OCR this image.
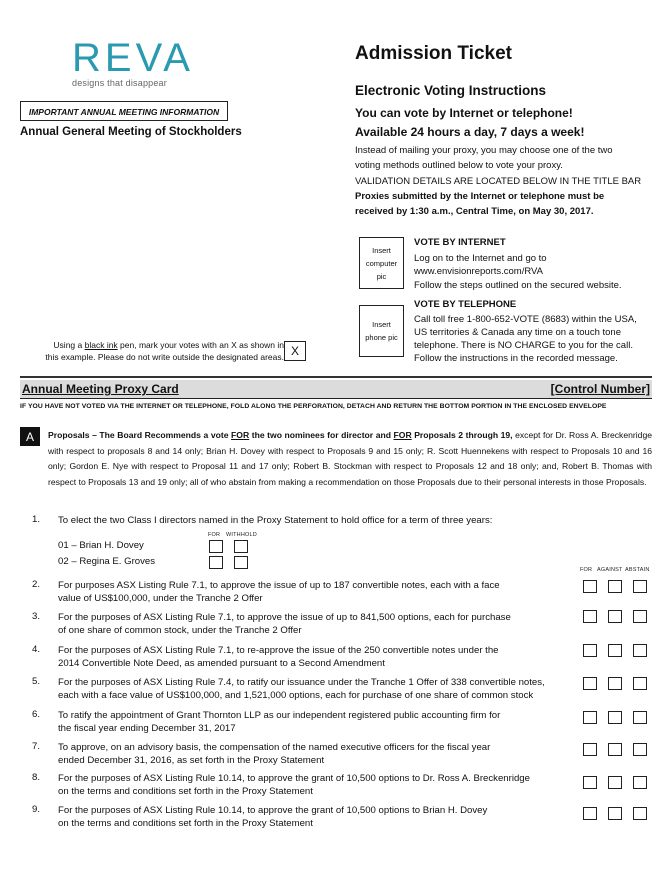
REVA
designs that disappear
IMPORTANT ANNUAL MEETING INFORMATION
Annual General Meeting of Stockholders
Admission Ticket
Electronic Voting Instructions
You can vote by Internet or telephone!
Available 24 hours a day, 7 days a week!
Instead of mailing your proxy, you may choose one of the two
voting methods outlined below to vote your proxy.
VALIDATION DETAILS ARE LOCATED BELOW IN THE TITLE BAR
Proxies submitted by the Internet or telephone must be
received by 1:30 a.m., Central Time, on May 30, 2017.
Insert computer pic
VOTE BY INTERNET
Log on to the Internet and go to
www.envisionreports.com/RVA
Follow the steps outlined on the secured website.
Insert phone pic
VOTE BY TELEPHONE
Call toll free 1-800-652-VOTE (8683) within the USA,
US territories & Canada any time on a touch tone
telephone. There is NO CHARGE to you for the call.
Follow the instructions in the recorded message.
Using a black ink pen, mark your votes with an X as shown in
this example. Please do not write outside the designated areas. X
Annual Meeting Proxy Card	[Control Number]
IF YOU HAVE NOT VOTED VIA THE INTERNET OR TELEPHONE, FOLD ALONG THE PERFORATION, DETACH AND RETURN THE BOTTOM PORTION IN THE ENCLOSED ENVELOPE
A	Proposals – The Board Recommends a vote FOR the two nominees for director and FOR Proposals 2 through 19, except for Dr. Ross A. Breckenridge with respect to proposals 8 and 14 only; Brian H. Dovey with respect to Proposals 9 and 15 only; R. Scott Huennekens with respect to Proposals 10 and 16 only; Gordon E. Nye with respect to Proposal 11 and 17 only; Robert B. Stockman with respect to Proposals 12 and 18 only; and, Robert B. Thomas with respect to Proposals 13 and 19 only; all of who abstain from making a recommendation on those Proposals due to their personal interests in those Proposals.
1. To elect the two Class I directors named in the Proxy Statement to hold office for a term of three years:
FOR WITHHOLD
01 – Brian H. Dovey
02 – Regina E. Groves
FOR AGAINST ABSTAIN
2. For purposes ASX Listing Rule 7.1, to approve the issue of up to 187 convertible notes, each with a face
value of US$100,000, under the Tranche 2 Offer
3. For the purposes of ASX Listing Rule 7.1, to approve the issue of up to 841,500 options, each for purchase
of one share of common stock, under the Tranche 2 Offer
4. For the purposes of ASX Listing Rule 7.1, to re-approve the issue of the 250 convertible notes under the
2014 Convertible Note Deed, as amended pursuant to a Second Amendment
5. For the purposes of ASX Listing Rule 7.4, to ratify our issuance under the Tranche 1 Offer of 338 convertible notes,
each with a face value of US$100,000, and 1,521,000 options, each for purchase of one share of common stock
6. To ratify the appointment of Grant Thornton LLP as our independent registered public accounting firm for
the fiscal year ending December 31, 2017
7. To approve, on an advisory basis, the compensation of the named executive officers for the fiscal year
ended December 31, 2016, as set forth in the Proxy Statement
8. For the purposes of ASX Listing Rule 10.14, to approve the grant of 10,500 options to Dr. Ross A. Breckenridge
on the terms and conditions set forth in the Proxy Statement
9. For the purposes of ASX Listing Rule 10.14, to approve the grant of 10,500 options to Brian H. Dovey
on the terms and conditions set forth in the Proxy Statement
